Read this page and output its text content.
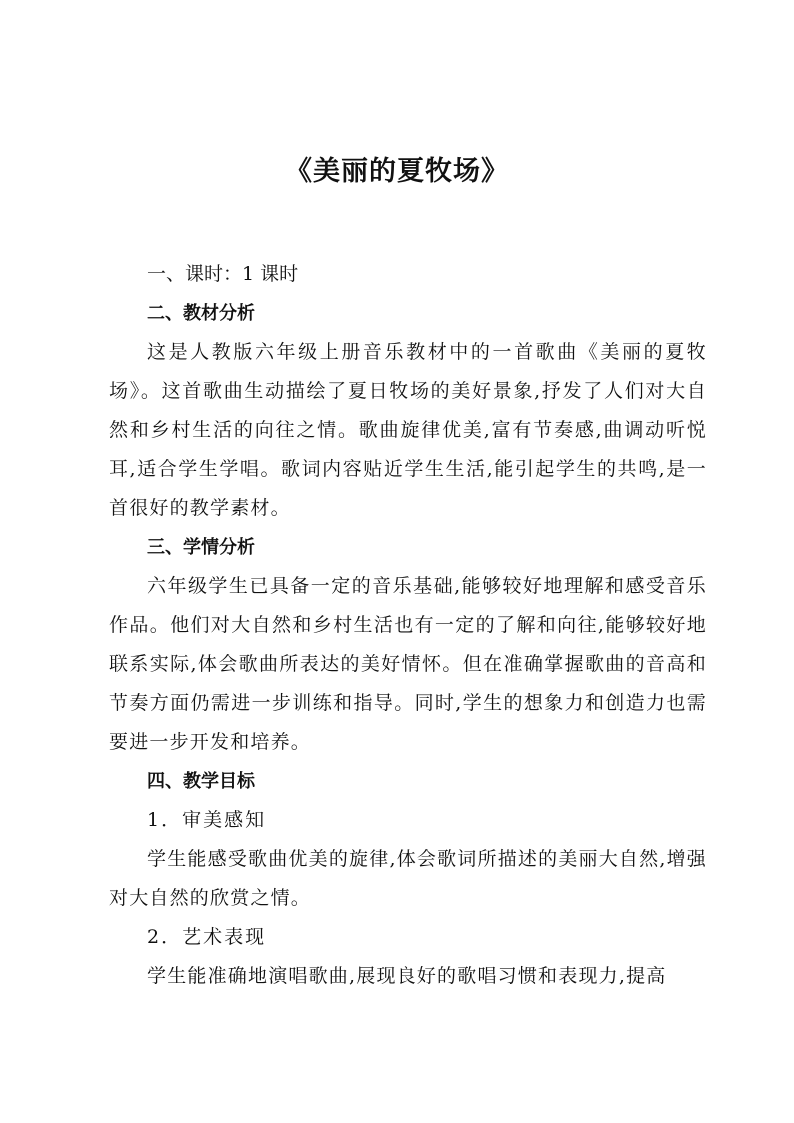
《美丽的夏牧场》

一、课时：1 课时

二、教材分析

这是人教版六年级上册音乐教材中的一首歌曲《美丽的夏牧场》。这首歌曲生动描绘了夏日牧场的美好景象,抒发了人们对大自然和乡村生活的向往之情。歌曲旋律优美,富有节奏感,曲调动听悦耳,适合学生学唱。歌词内容贴近学生生活,能引起学生的共鸣,是一首很好的教学素材。

三、学情分析

六年级学生已具备一定的音乐基础,能够较好地理解和感受音乐作品。他们对大自然和乡村生活也有一定的了解和向往,能够较好地联系实际,体会歌曲所表达的美好情怀。但在准确掌握歌曲的音高和节奏方面仍需进一步训练和指导。同时,学生的想象力和创造力也需要进一步开发和培养。

四、教学目标

1．审美感知

学生能感受歌曲优美的旋律,体会歌词所描述的美丽大自然,增强对大自然的欣赏之情。

2．艺术表现

学生能准确地演唱歌曲,展现良好的歌唱习惯和表现力,提高
